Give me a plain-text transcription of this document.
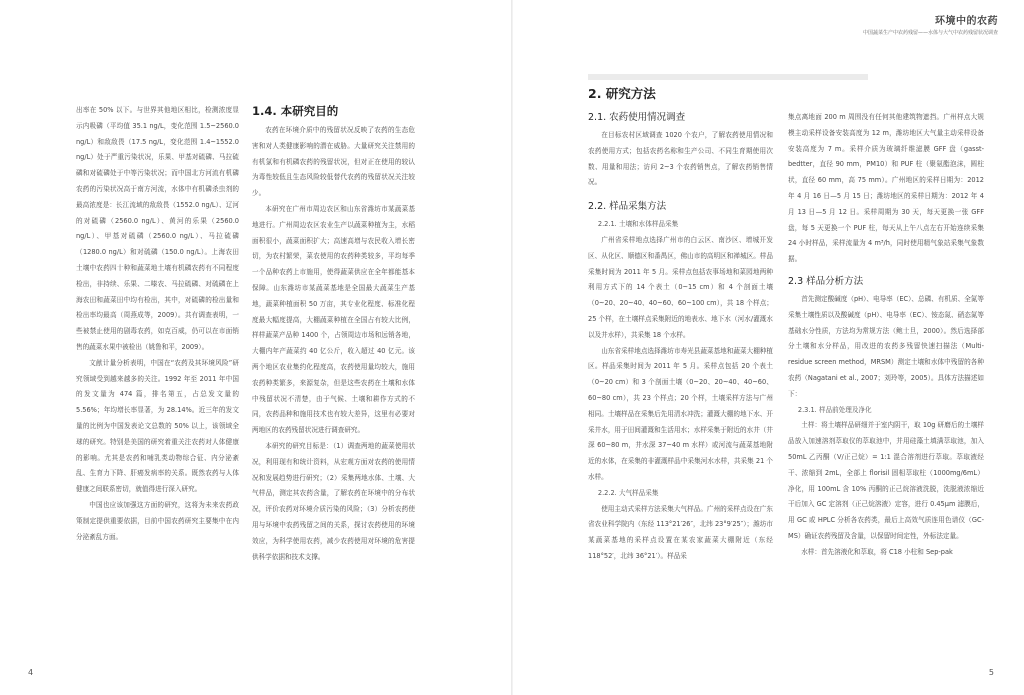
出率在 50% 以下。与世界其他地区相比，检测浓度显示内吸磷（平均值 35.1 ng/L，变化范围 1.5~2560.0 ng/L）和敌敌畏（17.5 ng/L，变化范围 1.4~1552.0 ng/L）处于严重污染状况，乐果、甲基对硫磷、马拉硫磷和对硫磷处于中等污染状况；而中国北方河流有机磷农药的污染状况高于南方河流，水体中有机磷杀虫剂的最高浓度是：长江流域的敌敌畏（1552.0 ng/L）、辽河的对硫磷（2560.0 ng/L）、黄河的乐果（2560.0 ng/L）、甲基对硫磷（2560.0 ng/L）、马拉硫磷（1280.0 ng/L）和对硫磷（150.0 ng/L）。上海农田土壤中农药四十种和蔬菜地土壤有机磷农药有不同程度检出，非持续、乐果、二嗪农、马拉硫磷、对硫磷在上海农田和蔬菜田中均有检出，其中，对硫磷的检出量和检出率均最高（周燕成等，2009）。共有调查表明，一些被禁止使用的剧毒农药，如克百威，仍可以在市面销售的蔬菜水果中被检出（姚鲁和平，2009）。

文献计量分析表明，中国在“农药及其环境风险”研究领域受到越来越多的关注。1992 年至 2011 年中国的发文量为 474 篇，排名第五，占总发文量的 5.56%；年均增长率显著，为 28.14%。近三年的发文量的比例为中国发表论文总数的 50% 以上，该领域全球的研究。特别是美国的研究着重关注农药对人体健康的影响。尤其是农药和哺乳类动物综合征、内分泌紊乱、生育力下降、肝癌发病率的关系。既然农药与人体健康之间联系密切，就值得进行深入研究。

中国也应该加强这方面的研究，这将为未来农药政策制定提供重要依据，目前中国农药研究主要集中在内分泌紊乱方面。

1.4. 本研究目的

农药在环境介质中的残留状况反映了农药的生态危害和对人类健康影响的潜在威胁。大量研究关注禁用的有机氯和有机磷农药的残留状况，但对正在使用的较认为毒性较低且生态风险较低替代农药的残留状况关注较少。

本研究在广州市周边农区和山东省潍坊市某蔬菜基地进行。广州周边农区农业生产以蔬菜种植为主，水稻面积很小，蔬菜面积扩大；高速高增与农民收入增长密切，为农村繁荣，菜农使用的农药种类较多，平均每季一个品种农药上市施用，使得蔬菜供应在全年都能基本保障。山东潍坊市某蔬菜基地是全国最大蔬菜生产基地，蔬菜种植面积 50 万亩，其专业化程度、标准化程度最大幅度提高，大棚蔬菜种植在全国占有较大比例，样样蔬菜产品种 1400 个，占领周边市场和远销各地，大棚内年产蔬菜约 40 亿公斤，收入超过 40 亿元。该两个地区农业集约化程度高，农药使用量均较大，施用农药种类繁多，来源复杂，但是这些农药在土壤和水体中残留状况不清楚，由于气候、土壤和耕作方式的不同，农药品种和施用技术也有较大差异，这里有必要对两地区的农药残留状况进行调查研究。

本研究的研究目标是：（1）调查两地的蔬菜使用状况，利用现有和统计资料，从宏观方面对农药的使用情况和发展趋势进行研究；（2）采集两地水体、土壤、大气样品，测定其农药含量，了解农药在环境中的分布状况，评价农药对环境介质污染的风险；（3）分析农药使用与环境中农药残留之间的关系，探讨农药使用的环境效应，为科学使用农药，减少农药使用对环境的危害提供科学依据和技术支撑。

4
环境中的农药
中国蔬菜生产中农药残留——水体与大气中农药残留状况调查
2. 研究方法
2.1. 农药使用情况调查

在目标农村区域调查 1020 个农户，了解农药使用情况和农药使用方式；包括农药名称和生产公司、不同生育期使用次数、用量和用法；访问 2~3 个农药销售点，了解农药销售情况。

2.2. 样品采集方法
2.2.1. 土壤和水体样品采集

广州省采样地点选择广州市的白云区、南沙区、增城开发区、从化区、顺德区和番禺区，佛山市的高明区和禅城区。样品采集时间为 2011 年 5 月。采样点包括农事场地和菜园地两种利用方式下的 14 个表土（0~15 cm）和 4 个剖面土壤（0~20、20~40、40~60、60~100 cm），共 18 个样点；25 个样，在土壤样点采集附近的地表水、地下水（河水/灌溉水以及井水样），共采集 18 个水样。

山东省采样地点选择潍坊市寿光县蔬菜基地和蔬菜大棚种植区。样品采集时间为 2011 年 5 月。采样点包括 20 个表土（0~20 cm）和 3 个剖面土壤（0~20、20~40、40~60、60~80 cm），共 23 个样点；20 个样，土壤采样方法与广州相同。土壤样品在采集后先用清水冲洗；灌溉大棚的地下水、开采井水，用于田间灌溉和生活用水；水样采集于附近的水井（井深 60~80 m，井水深 37~40 m 水样）或河流与蔬菜基地附近的水体，在采集的非灌溉样品中采集河水水样，共采集 21 个水样。

2.2.2. 大气样品采集

使用主动式采样方法采集大气样品。广州的采样点设在广东省农业科学院内（东经 113°21′26″，北纬 23°9′25″）；潍坊市某蔬菜基地的采样点设置在某农家蔬菜大棚附近（东经 118°52′，北纬 36°21′）。样品采

集点离地面 200 m 周围没有任何其他建筑物遮挡。广州样点大规模主动采样设备安装高度为 12 m，潍坊地区大气量主动采样设备安装高度为 7 m。采样介质为玻璃纤维滤膜 GFF 盘（gasst-bedtter，直径 90 mm，PM10）和 PUF 柱（聚氨酯泡沫，圆柱状，直径 60 mm，高 75 mm）。广州地区的采样日期为：2012 年 4 月 16 日—5 月 15 日；潍坊地区的采样日期为：2012 年 4 月 13 日—5 月 12 日。采样周期为 30 天，每天更换一张 GFF 盘，每 5 天更换一个 PUF 柱，每天从上午八点左右开始连续采集 24 小时样品，采样流量为 4 m³/h，同时使用精气象站采集气象数据。

2.3 样品分析方法

首先测定酸碱度（pH）、电导率（EC）、总磷、有机质、全氮等采集土壤性质以及酸碱度（pH）、电导率（EC）、铵态氮、硝态氮等基础水分性质，方法均为常规方法（鲍士旦，2000）。然后选择部分土壤和水分样品，用改进的农药多残留快速扫描法（Multi-residue screen method，MRSM）测定土壤和水体中残留的各种农药（Nagatani et al., 2007；刘玲等，2005）。具体方法描述如下：

2.3.1. 样品前处理及净化

土样：将土壤样品研细并于室内阴干，取 10g 研磨后的土壤样品放入加速溶剂萃取仪的萃取池中，并用硅藻土填满萃取池，加入 50mL 乙丙酮（V/正己烷）= 1:1 混合溶剂进行萃取。萃取液经干、浓缩到 2mL，全部上 florisil 固相萃取柱（1000mg/6mL）净化，用 100mL 含 10% 丙酮的正己烷溶液洗脱，洗脱液浓缩近干后加入 GC 定溶剂（正己烷溶液）定容，进行 0.45μm 滤膜后，用 GC 或 HPLC 分析各农药类，最后上高效气质连用色谱仪（GC-MS）确证农药残留及含量，以保留时间定性，外标法定量。

水样：首先溶液化和萃取，将 C18 小柱和 Sep-pak

5
